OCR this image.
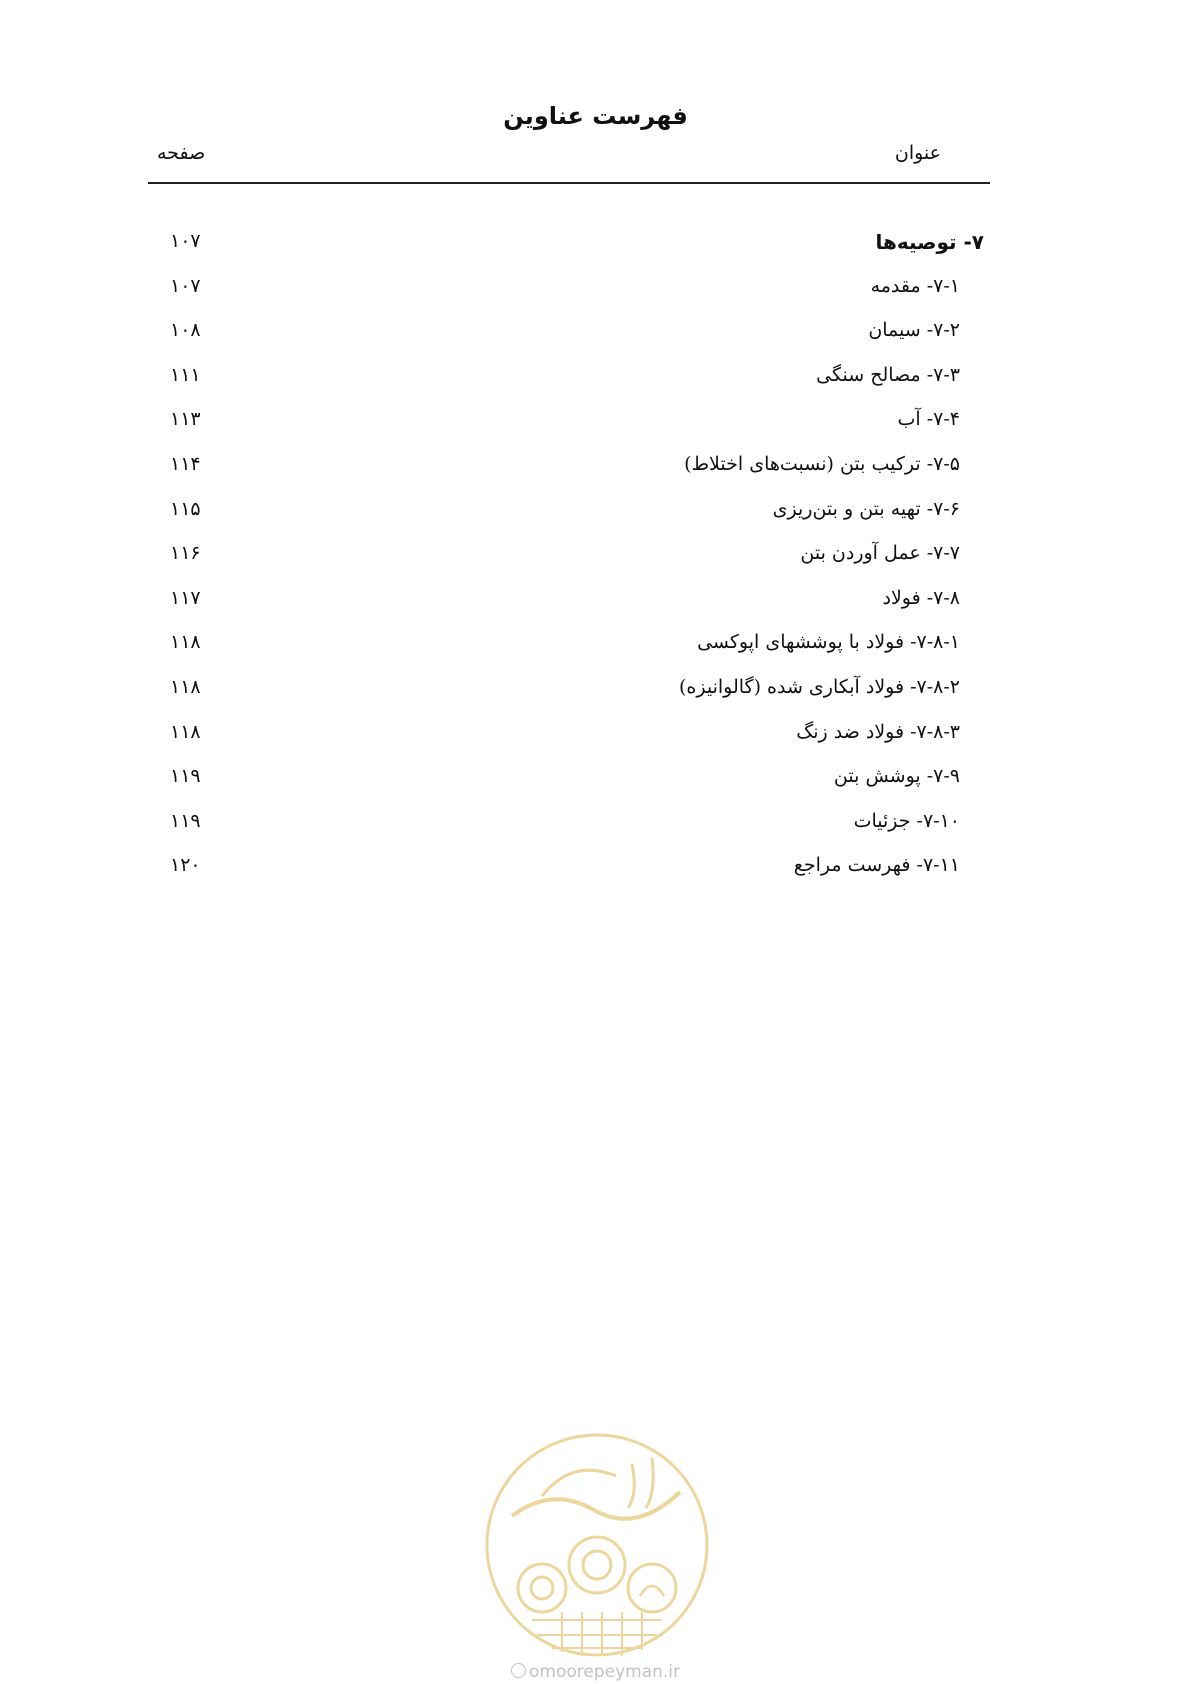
فهرست عناوین
عنوان
صفحه
۷- توصیه‌ها
۱۰۷
۷-۱- مقدمه
۱۰۷
۷-۲- سیمان
۱۰۸
۷-۳- مصالح سنگی
۱۱۱
۷-۴- آب
۱۱۳
۷-۵- ترکیب بتن (نسبت‌های اختلاط)
۱۱۴
۷-۶- تهیه بتن و بتن‌ریزی
۱۱۵
۷-۷- عمل آوردن بتن
۱۱۶
۷-۸- فولاد
۱۱۷
۷-۸-۱- فولاد با پوششهای اپوکسی
۱۱۸
۷-۸-۲- فولاد آبکاری شده (گالوانیزه)
۱۱۸
۷-۸-۳- فولاد ضد زنگ
۱۱۸
۷-۹- پوشش بتن
۱۱۹
۷-۱۰- جزئیات
۱۱۹
۷-۱۱- فهرست مراجع
۱۲۰
omoorepeyman.ir
